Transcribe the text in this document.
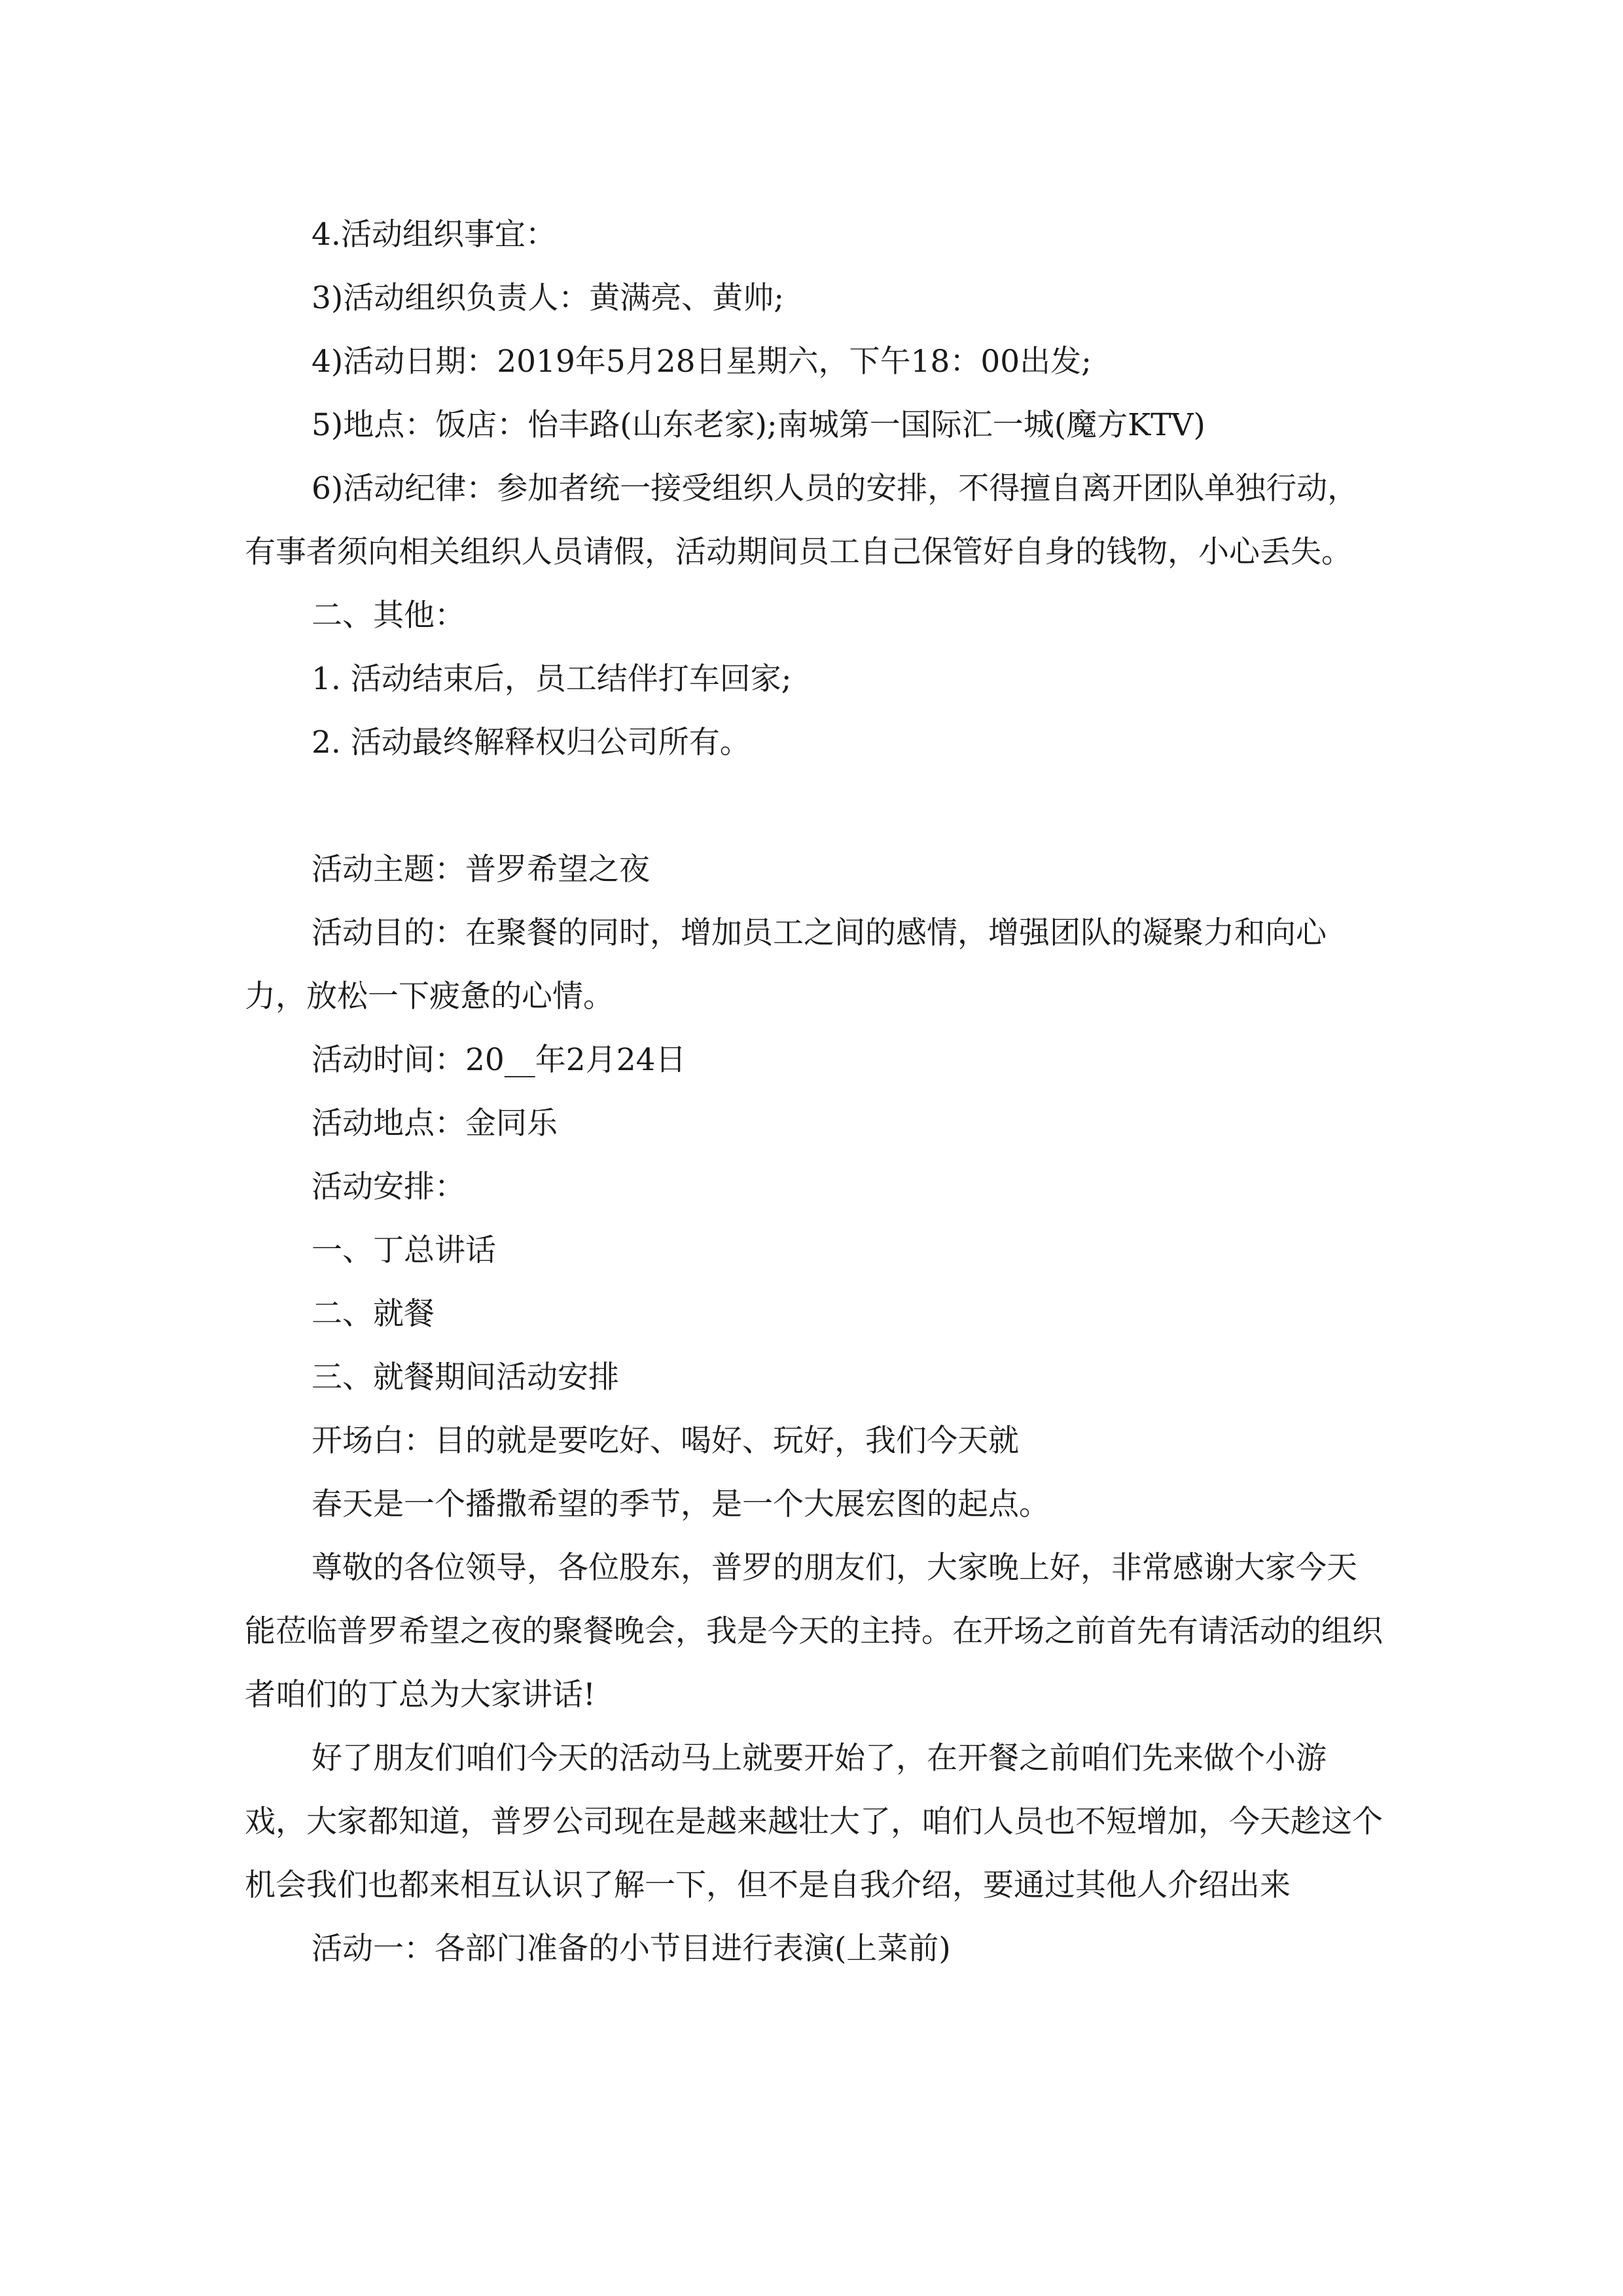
4.活动组织事宜：

3)活动组织负责人：黄满亮、黄帅;

4)活动日期：2019年5月28日星期六，下午18：00出发;

5)地点：饭店：怡丰路(山东老家);南城第一国际汇一城(魔方KTV)

6)活动纪律：参加者统一接受组织人员的安排，不得擅自离开团队单独行动，有事者须向相关组织人员请假，活动期间员工自己保管好自身的钱物，小心丢失。

二、其他：

1. 活动结束后，员工结伴打车回家;

2. 活动最终解释权归公司所有。

活动主题：普罗希望之夜

活动目的：在聚餐的同时，增加员工之间的感情，增强团队的凝聚力和向心力，放松一下疲惫的心情。

活动时间：20__年2月24日

活动地点：金同乐

活动安排：

一、丁总讲话

二、就餐

三、就餐期间活动安排

开场白：目的就是要吃好、喝好、玩好，我们今天就

春天是一个播撒希望的季节，是一个大展宏图的起点。

尊敬的各位领导，各位股东，普罗的朋友们，大家晚上好，非常感谢大家今天能莅临普罗希望之夜的聚餐晚会，我是今天的主持。在开场之前首先有请活动的组织者咱们的丁总为大家讲话!

好了朋友们咱们今天的活动马上就要开始了，在开餐之前咱们先来做个小游戏，大家都知道，普罗公司现在是越来越壮大了，咱们人员也不短增加，今天趁这个机会我们也都来相互认识了解一下，但不是自我介绍，要通过其他人介绍出来

活动一：各部门准备的小节目进行表演(上菜前)
